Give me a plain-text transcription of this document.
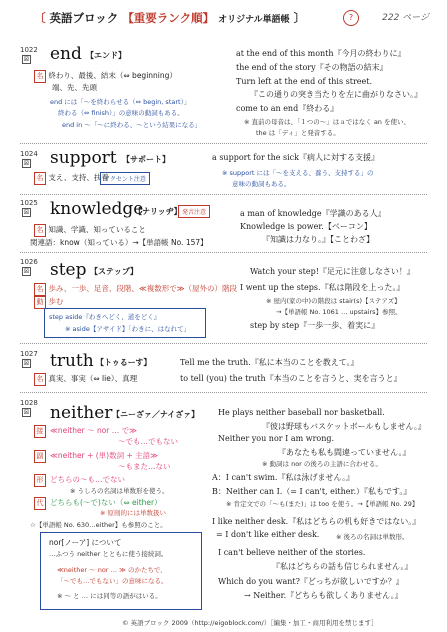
〔 英語ブロック 【重要ランク順】 オリジナル単語帳 〕	?	222 ページ
1022
☒ end 【エンド】
名 終わり、最後、結末（⇔ beginning）
端、先、先頭
end には「〜を終わらせる（⇔ begin, start）」
終わる（⇔ finish）」の意味の動詞もある。
end in 〜「〜に終わる、〜という結果になる」
at the end of this month『今月の終わりに』
the end of the story『その物語の結末』
Turn left at the end of this street.
『この通りの突き当たりを左に曲がりなさい。』
come to an end『終わる』
※ 直前の母音は、「１つの〜」はａではなく an を使い、
the は「ディ」と発音する。
1024
☒ support 【サポート】
名 支え、支持、扶養
アクセント注意
a support for the sick『病人に対する支援』
※ support には「〜を支える、養う、支持する」の
意味の動詞もある。
1025
☒ knowledge
【ナリッヂ】 発音注意
名 知識、学識、知っていること
関連語：know（知っている）→【単語帳 No. 157】
a man of knowledge『学識のある人』
Knowledge is power.【ベーコン】
『知識は力なり。』【ことわざ】
1026
☒ step 【ステップ】
名 歩み、一歩、足音、段階、≪複数形で≫（屋外の）階段
動 歩む
step aside『わきへどく、道をどく』
※ aside【アサイド】「わきに、はなれて」
Watch your step!『足元に注意しなさい！』
I went up the steps.『私は階段を上った。』
※ 屋内(家の中)の階段は stair(s)【ステアズ】
→【単語帳 No. 1061 … upstairs】参照。
step by step『一歩一歩、着実に』
1027
☒ truth 【トゥるーす】
名 真実、事実（⇔ lie）、真理
Tell me the truth.『私に本当のことを教えて。』
to tell (you) the truth『本当のことを言うと、実を言うと』
1028
☒ neither 【ニーざァ／ナイざァ】
接 ≪neither 〜 nor … で≫
〜でも…でもない
副 ≪neither + (単)数詞 + 主語≫
〜もまた…ない
形 どちらの〜も…でない
※ うしろの名詞は単数形を使う。
代 どちらも(〜で)ない（⇔ either）
※ 原則的には単数扱い
☆【単語帳 No. 630…either】も参照のこと。
nor[ノーア] について
…ふつう neither とともに使う接続詞。
≪neither 〜 nor … ≫ のかたちで、
「〜でも…でもない」の意味になる。
※ 〜 と … には同等の語がはいる。
He plays neither baseball nor basketball.
『彼は野球もバスケットボールもしません。』
Neither you nor I am wrong.
『あなたも私も間違っていません。』
※ 動詞は nor の後ろの主語に合わせる。
A：I can't swim.『私は泳げません。』
B：Neither can I.（= I can't, either.）『私もです。』
※ 肯定文での「〜も(また)」は too を使う。→【単語帳 No. 29】
I like neither desk.『私はどちらの机も好きではない。』
= I don't like either desk.	※ 後ろの名詞は単数形。
I can't believe neither of the stories.
『私はどちらの話も信じられません。』
Which do you want?『どっちが欲しいですか？』
→ Neither.『どちらも欲しくありません。』
© 英語ブロック 2009（http://eigoblock.com/）［編集・加工・商用利用を禁じます］
